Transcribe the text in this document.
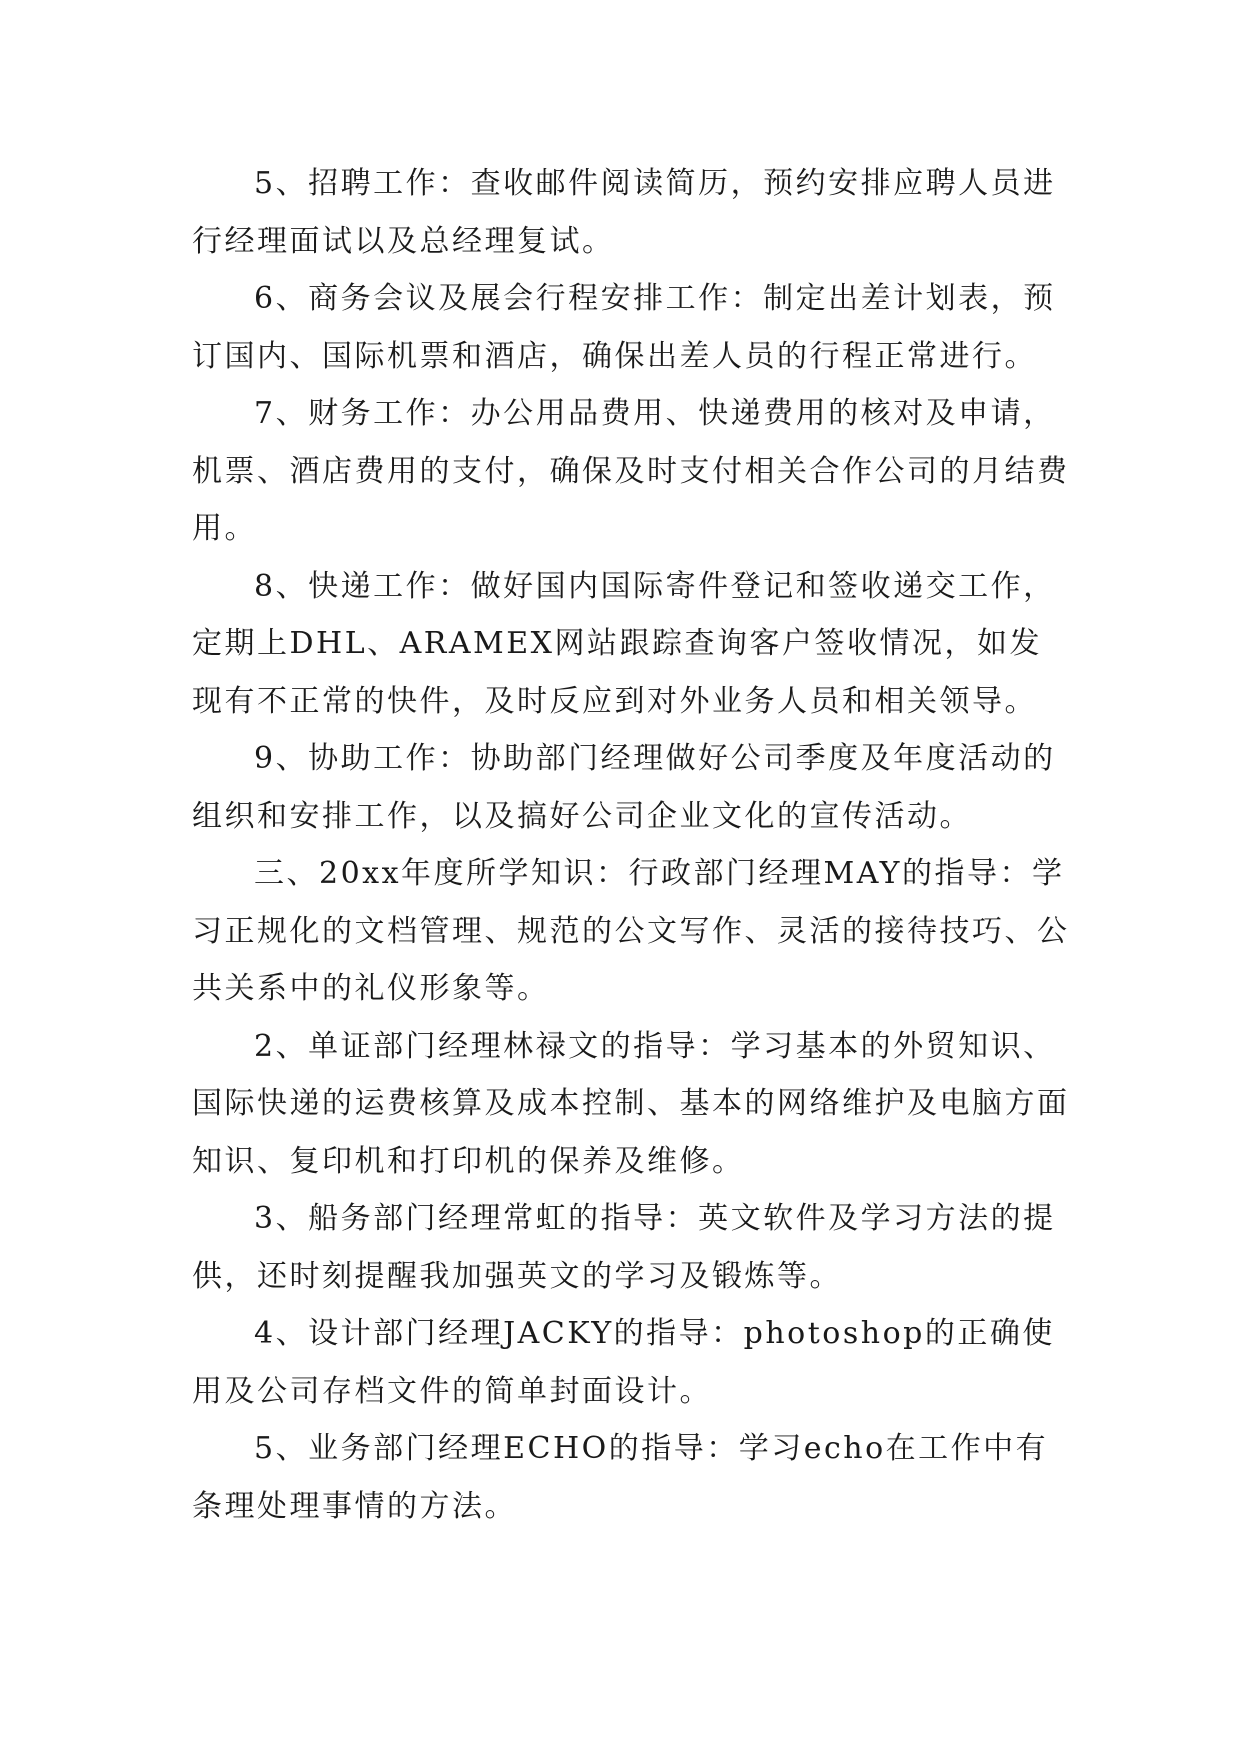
5、招聘工作：查收邮件阅读简历，预约安排应聘人员进行经理面试以及总经理复试。

6、商务会议及展会行程安排工作：制定出差计划表，预订国内、国际机票和酒店，确保出差人员的行程正常进行。

7、财务工作：办公用品费用、快递费用的核对及申请，机票、酒店费用的支付，确保及时支付相关合作公司的月结费用。

8、快递工作：做好国内国际寄件登记和签收递交工作，定期上DHL、ARAMEX网站跟踪查询客户签收情况，如发现有不正常的快件，及时反应到对外业务人员和相关领导。

9、协助工作：协助部门经理做好公司季度及年度活动的组织和安排工作，以及搞好公司企业文化的宣传活动。

三、20xx年度所学知识：行政部门经理MAY的指导：学习正规化的文档管理、规范的公文写作、灵活的接待技巧、公共关系中的礼仪形象等。

2、单证部门经理林禄文的指导：学习基本的外贸知识、国际快递的运费核算及成本控制、基本的网络维护及电脑方面知识、复印机和打印机的保养及维修。

3、船务部门经理常虹的指导：英文软件及学习方法的提供，还时刻提醒我加强英文的学习及锻炼等。

4、设计部门经理JACKY的指导：photoshop的正确使用及公司存档文件的简单封面设计。

5、业务部门经理ECHO的指导：学习echo在工作中有条理处理事情的方法。
